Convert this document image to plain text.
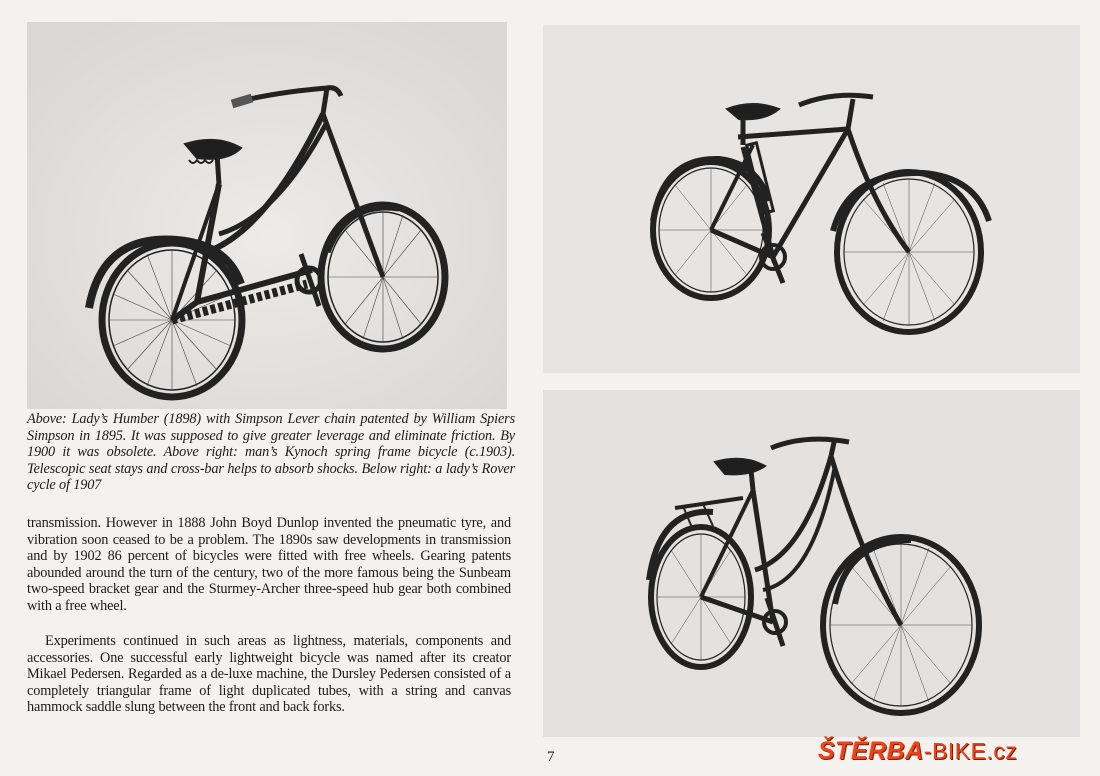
Above: Lady’s Humber (1898) with Simpson Lever chain patented by William Spiers Simpson in 1895. It was supposed to give greater leverage and eliminate friction. By 1900 it was obsolete. Above right: man’s Kynoch spring frame bicycle (c.1903). Telescopic seat stays and cross-bar helps to absorb shocks. Below right: a lady’s Rover cycle of 1907

transmission. However in 1888 John Boyd Dunlop invented the pneumatic tyre, and vibration soon ceased to be a problem. The 1890s saw developments in transmission and by 1902 86 percent of bicycles were fitted with free wheels. Gearing patents abounded around the turn of the century, two of the more famous being the Sunbeam two-speed bracket gear and the Sturmey-Archer three-speed hub gear both combined with a free wheel.

Experiments continued in such areas as lightness, materials, components and accessories. One successful early lightweight bicycle was named after its creator Mikael Pedersen. Regarded as a de-luxe machine, the Dursley Pedersen consisted of a completely triangular frame of light duplicated tubes, with a string and canvas hammock saddle slung between the front and back forks.

7	ŠTĚRBA-BIKE.cz
